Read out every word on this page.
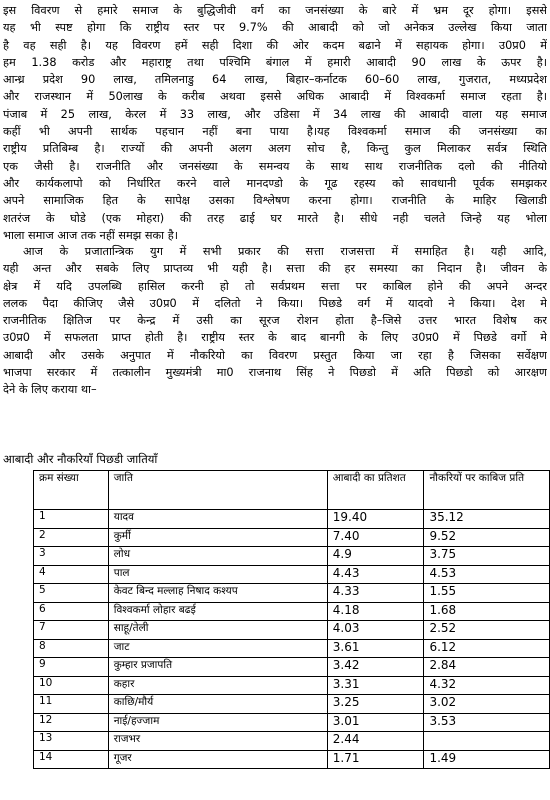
इस विवरण से हमारे समाज के बुद्धिजीवी वर्ग का जनसंख्या के बारे में भ्रम दूर होगा। इससे
यह भी स्पष्ट होगा कि राष्ट्रीय स्तर पर 9.7% की आबादी को जो अनेकत्र उल्लेख किया जाता
है वह सही है। यह विवरण हमें सही दिशा की ओर कदम बढाने में सहायक होगा। उ0प्र0 में
हम 1.38 करोड और महाराष्ट्र तथा पश्चिमि बंगाल में हमारी आबादी 90 लाख के ऊपर है।
आन्ध्र प्रदेश 90 लाख, तमिलनाडु 64 लाख, बिहार–कर्नाटक 60–60 लाख, गुजरात, मध्यप्रदेश
और राजस्थान में 50लाख के करीब अथवा इससे अधिक आबादी में विश्वकर्मा समाज रहता है।
पंजाब में 25 लाख, केरल में 33 लाख, और उडिसा में 34 लाख की आबादी वाला यह समाज
कहीं भी अपनी सार्थक पहचान नहीं बना पाया है।यह विश्वकर्मा समाज की जनसंख्या का
राष्ट्रीय प्रतिबिम्ब है। राज्यों की अपनी अलग अलग सोच है, किन्तु कुल मिलाकर सर्वत्र स्थिति
एक जैसी है। राजनीति और जनसंख्या के समन्वय के साथ साथ राजनीतिक दलो की नीतियो
और कार्यकलापो को निर्धारित करने वाले मानदण्डो के गूढ रहस्य को सावधानी पूर्वक समझकर
अपने सामाजिक हित के सापेक्ष उसका विश्लेषण करना होगा। राजनीति के माहिर खिलाडी
शतरंज के घोडे (एक मोहरा) की तरह ढाई घर मारते है। सीधे नही चलते जिन्हे यह भोला
भाला समाज आज तक नहीं समझ सका है।
आज के प्रजातान्त्रिक युग में सभी प्रकार की सत्ता राजसत्ता में समाहित है। यही आदि,
यही अन्त और सबके लिए प्राप्तव्य भी यही है। सत्ता की हर समस्या का निदान है। जीवन के
क्षेत्र में यदि उपलब्धि हासिल करनी हो तो सर्वप्रथम सत्ता पर काबिल होने की अपने अन्दर
ललक पैदा कीजिए जैसे उ0प्र0 में दलितो ने किया। पिछडे वर्ग में यादवो ने किया। देश मे
राजनीतिक क्षितिज पर केन्द्र में उसी का सूरज रोशन होता है–जिसे उत्तर भारत विशेष कर
उ0प्र0 में सफलता प्राप्त होती है। राष्ट्रीय स्तर के बाद बानगी के लिए उ0प्र0 में पिछडे वर्गो मे
आबादी और उसके अनुपात में नौकरियो का विवरण प्रस्तुत किया जा रहा है जिसका सर्वेक्षण
भाजपा सरकार में तत्कालीन मुख्यमंत्री मा0 राजनाथ सिंह ने पिछडो में अति पिछडो को आरक्षण
देने के लिए कराया था–
आबादी और नौकरियाँ पिछडी जातियाँ
क्रम संख्या	जाति	आबादी का प्रतिशत	नौकरियों पर काबिज प्रति
1	यादव	19.40	35.12
2	कुर्मी	7.40	9.52
3	लोध	4.9	3.75
4	पाल	4.43	4.53
5	केवट बिन्द मल्लाह निषाद कश्यप	4.33	1.55
6	विश्वकर्मा लोहार बढई	4.18	1.68
7	साहू/तेली	4.03	2.52
8	जाट	3.61	6.12
9	कुम्हार प्रजापति	3.42	2.84
10	कहार	3.31	4.32
11	काछि/मौर्य	3.25	3.02
12	नाई/हज्जाम	3.01	3.53
13	राजभर	2.44	
14	गूजर	1.71	1.49
